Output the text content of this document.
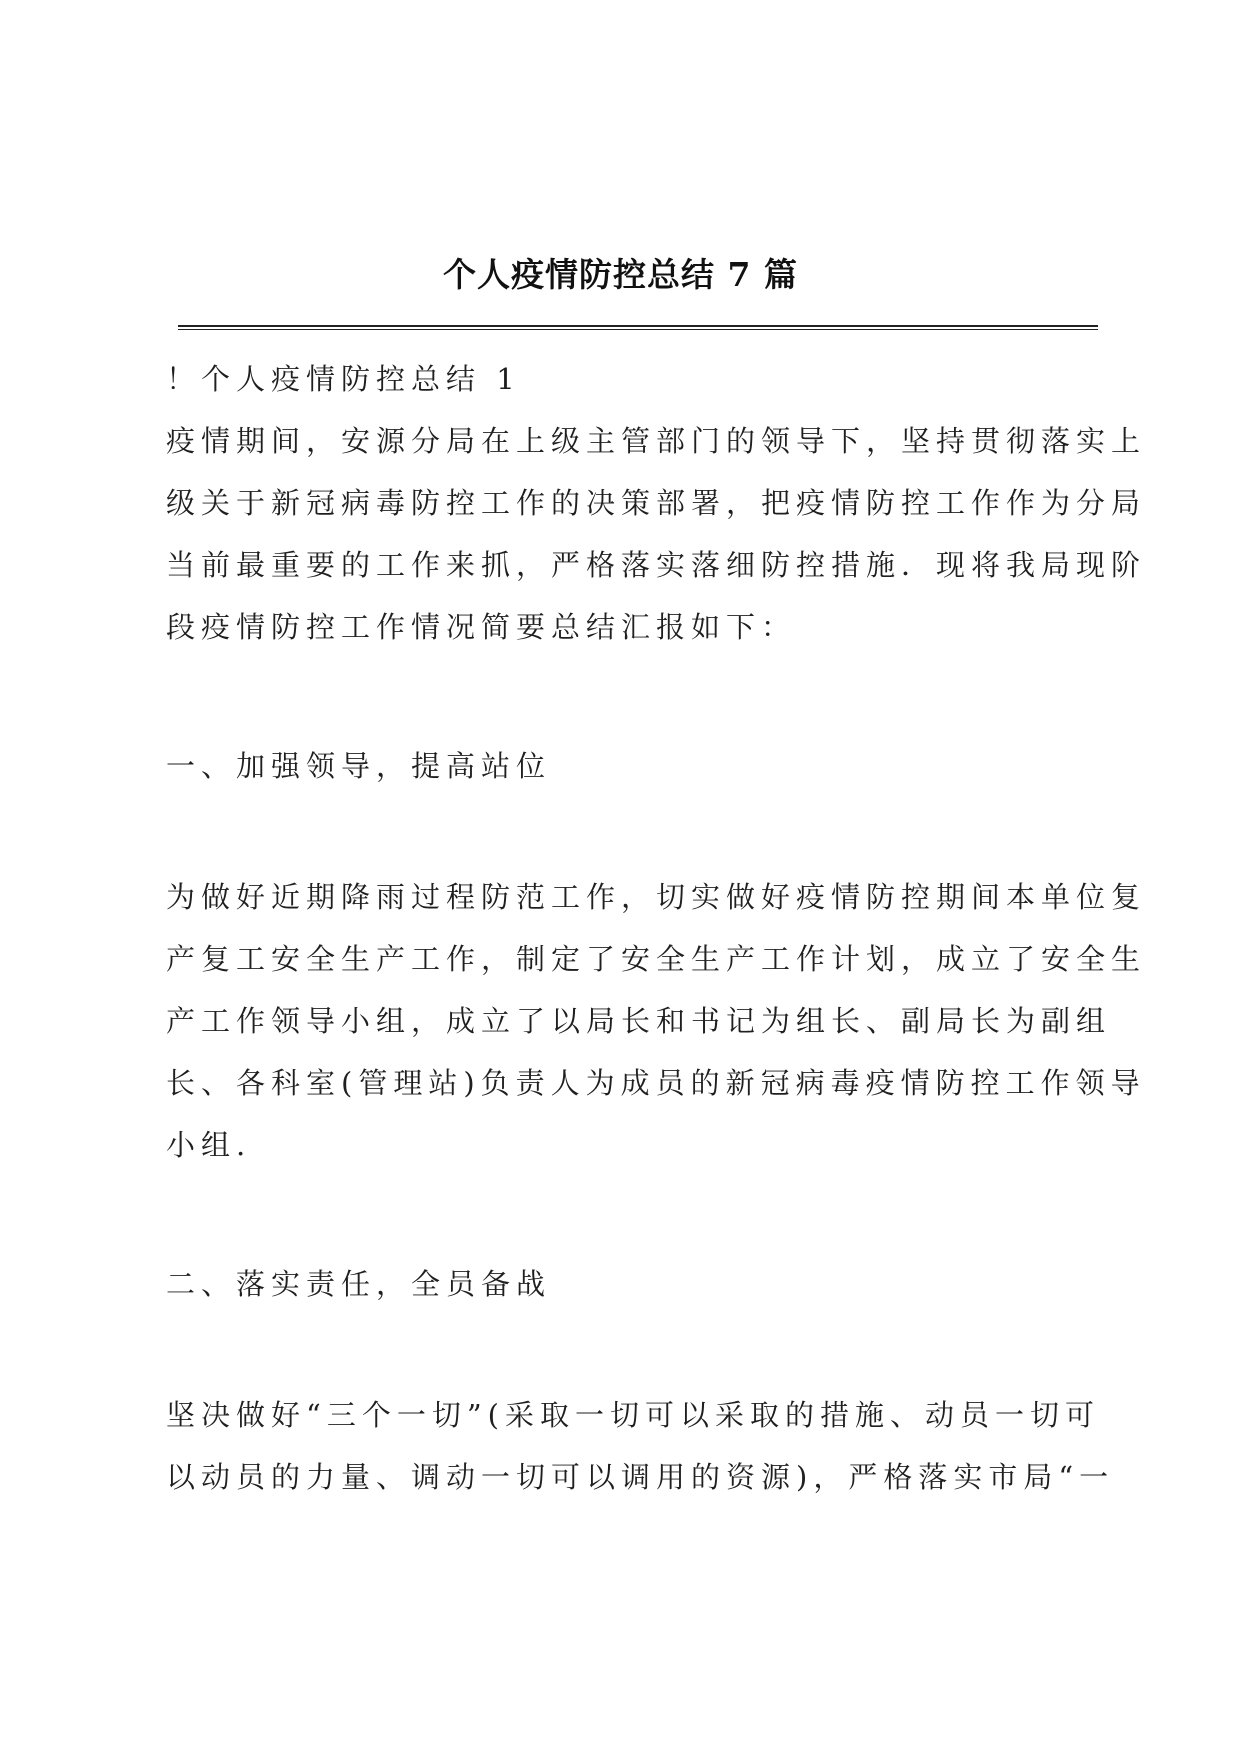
个人疫情防控总结 7 篇
！个人疫情防控总结 1
疫情期间，安源分局在上级主管部门的领导下，坚持贯彻落实上
级关于新冠病毒防控工作的决策部署，把疫情防控工作作为分局
当前最重要的工作来抓，严格落实落细防控措施．现将我局现阶
段疫情防控工作情况简要总结汇报如下：
一、加强领导，提高站位
为做好近期降雨过程防范工作，切实做好疫情防控期间本单位复
产复工安全生产工作，制定了安全生产工作计划，成立了安全生
产工作领导小组，成立了以局长和书记为组长、副局长为副组
长、各科室(管理站)负责人为成员的新冠病毒疫情防控工作领导
小组.
二、落实责任，全员备战
坚决做好“三个一切”(采取一切可以采取的措施、动员一切可
以动员的力量、调动一切可以调用的资源)，严格落实市局“一
